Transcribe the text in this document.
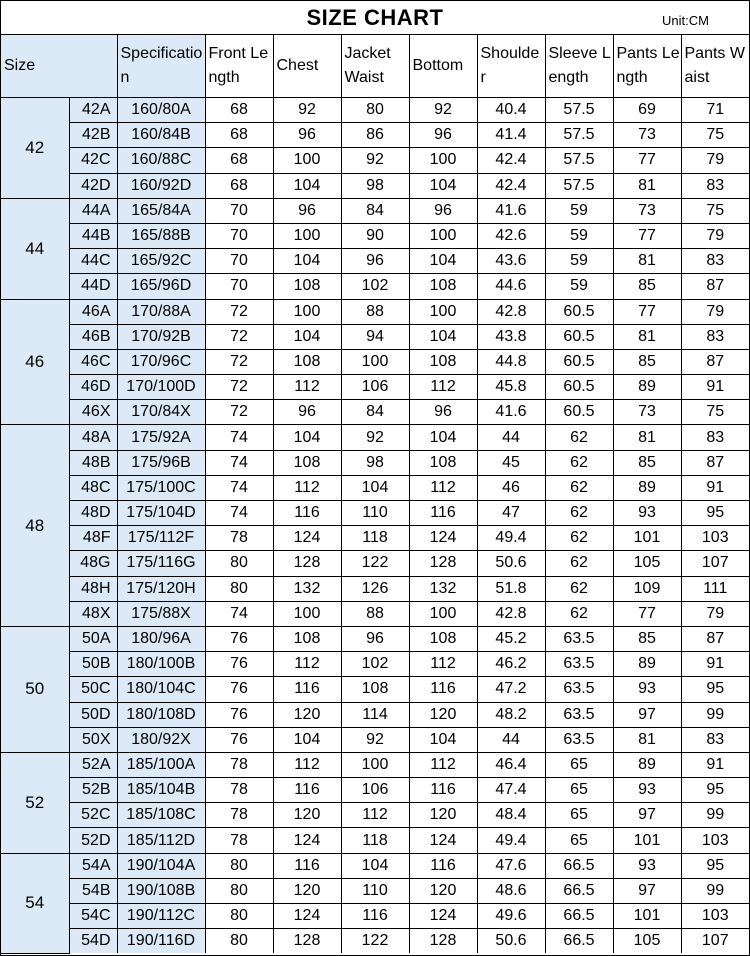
SIZE CHART	Unit:CM
Size		Specification	Front Length	Chest	Jacket Waist	Bottom	Shoulder	Sleeve Length	Pants Length	Pants Waist
42	42A	160/80A	68	92	80	92	40.4	57.5	69	71
	42B	160/84B	68	96	86	96	41.4	57.5	73	75
	42C	160/88C	68	100	92	100	42.4	57.5	77	79
	42D	160/92D	68	104	98	104	42.4	57.5	81	83
44	44A	165/84A	70	96	84	96	41.6	59	73	75
	44B	165/88B	70	100	90	100	42.6	59	77	79
	44C	165/92C	70	104	96	104	43.6	59	81	83
	44D	165/96D	70	108	102	108	44.6	59	85	87
46	46A	170/88A	72	100	88	100	42.8	60.5	77	79
	46B	170/92B	72	104	94	104	43.8	60.5	81	83
	46C	170/96C	72	108	100	108	44.8	60.5	85	87
	46D	170/100D	72	112	106	112	45.8	60.5	89	91
	46X	170/84X	72	96	84	96	41.6	60.5	73	75
48	48A	175/92A	74	104	92	104	44	62	81	83
	48B	175/96B	74	108	98	108	45	62	85	87
	48C	175/100C	74	112	104	112	46	62	89	91
	48D	175/104D	74	116	110	116	47	62	93	95
	48F	175/112F	78	124	118	124	49.4	62	101	103
	48G	175/116G	80	128	122	128	50.6	62	105	107
	48H	175/120H	80	132	126	132	51.8	62	109	111
	48X	175/88X	74	100	88	100	42.8	62	77	79
50	50A	180/96A	76	108	96	108	45.2	63.5	85	87
	50B	180/100B	76	112	102	112	46.2	63.5	89	91
	50C	180/104C	76	116	108	116	47.2	63.5	93	95
	50D	180/108D	76	120	114	120	48.2	63.5	97	99
	50X	180/92X	76	104	92	104	44	63.5	81	83
52	52A	185/100A	78	112	100	112	46.4	65	89	91
	52B	185/104B	78	116	106	116	47.4	65	93	95
	52C	185/108C	78	120	112	120	48.4	65	97	99
	52D	185/112D	78	124	118	124	49.4	65	101	103
54	54A	190/104A	80	116	104	116	47.6	66.5	93	95
	54B	190/108B	80	120	110	120	48.6	66.5	97	99
	54C	190/112C	80	124	116	124	49.6	66.5	101	103
	54D	190/116D	80	128	122	128	50.6	66.5	105	107
